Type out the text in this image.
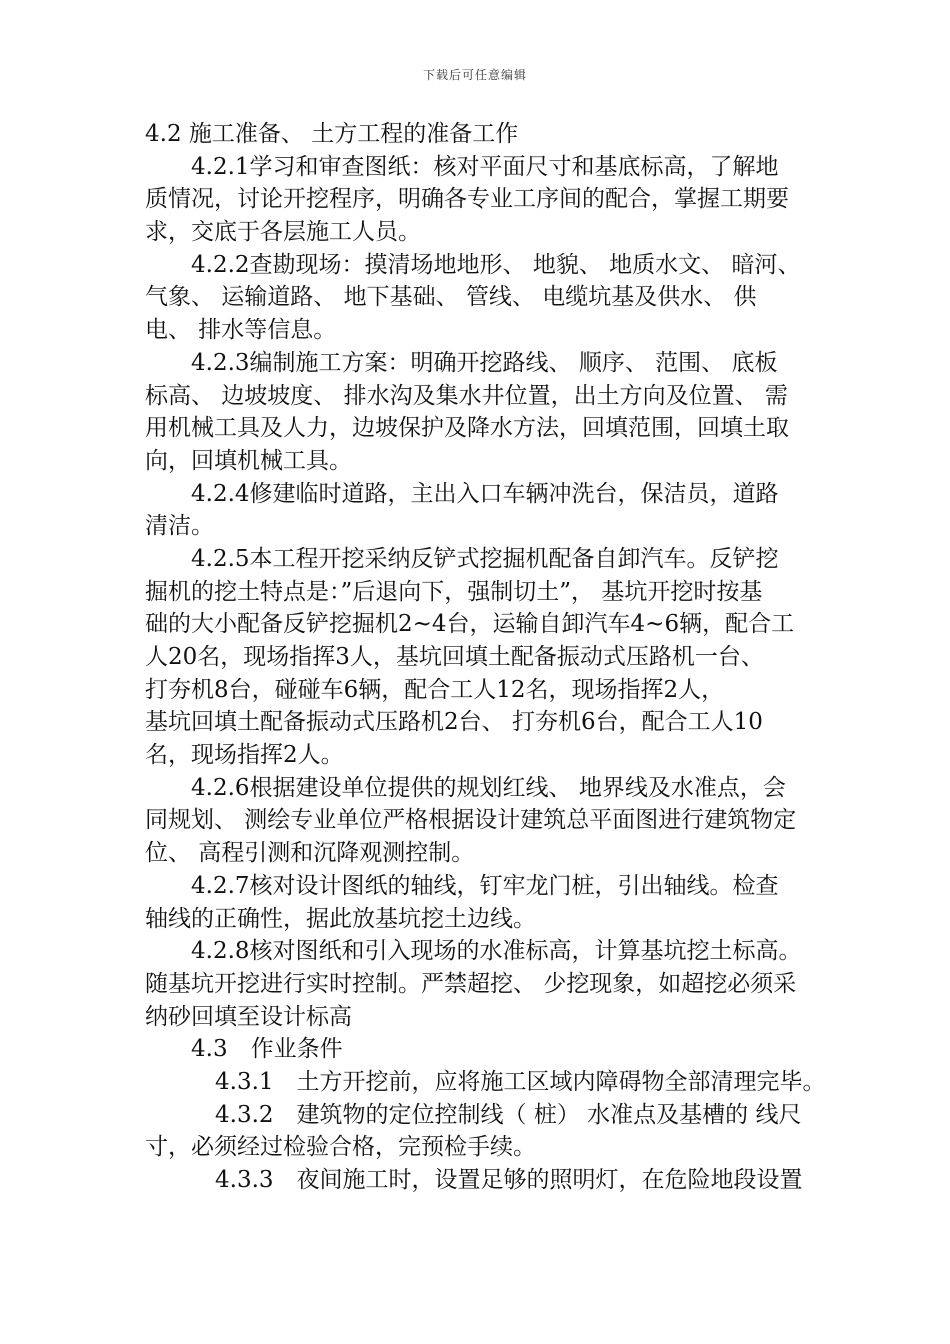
下载后可任意编辑
4.2 施工准备、 土方工程的准备工作
4.2.1学习和审查图纸：核对平面尺寸和基底标高，了解地
质情况，讨论开挖程序，明确各专业工序间的配合，掌握工期要
求，交底于各层施工人员。
4.2.2查勘现场：摸清场地地形、 地貌、 地质水文、 暗河、
气象、 运输道路、 地下基础、 管线、 电缆坑基及供水、 供
电、 排水等信息。
4.2.3编制施工方案：明确开挖路线、 顺序、 范围、 底板
标高、 边坡坡度、 排水沟及集水井位置，出土方向及位置、 需
用机械工具及人力，边坡保护及降水方法，回填范围，回填土取
向，回填机械工具。
4.2.4修建临时道路，主出入口车辆冲洗台，保洁员，道路
清洁。
4.2.5本工程开挖采纳反铲式挖掘机配备自卸汽车。反铲挖
掘机的挖土特点是：”后退向下，强制切土”， 基坑开挖时按基
础的大小配备反铲挖掘机2~4台，运输自卸汽车4~6辆，配合工
人20名，现场指挥3人，基坑回填土配备振动式压路机一台、
打夯机8台，碰碰车6辆，配合工人12名，现场指挥2人，
基坑回填土配备振动式压路机2台、 打夯机6台，配合工人10
名，现场指挥2人。
4.2.6根据建设单位提供的规划红线、 地界线及水准点，会
同规划、 测绘专业单位严格根据设计建筑总平面图进行建筑物定
位、 高程引测和沉降观测控制。
4.2.7核对设计图纸的轴线，钉牢龙门桩，引出轴线。检查
轴线的正确性，据此放基坑挖土边线。
4.2.8核对图纸和引入现场的水准标高，计算基坑挖土标高。
随基坑开挖进行实时控制。严禁超挖、 少挖现象，如超挖必须采
纳砂回填至设计标高
4.3　作业条件
4.3.1　土方开挖前，应将施工区域内障碍物全部清理完毕。
4.3.2　建筑物的定位控制线（ 桩） 水准点及基槽的 线尺
寸，必须经过检验合格，完预检手续。
4.3.3　夜间施工时，设置足够的照明灯，在危险地段设置
